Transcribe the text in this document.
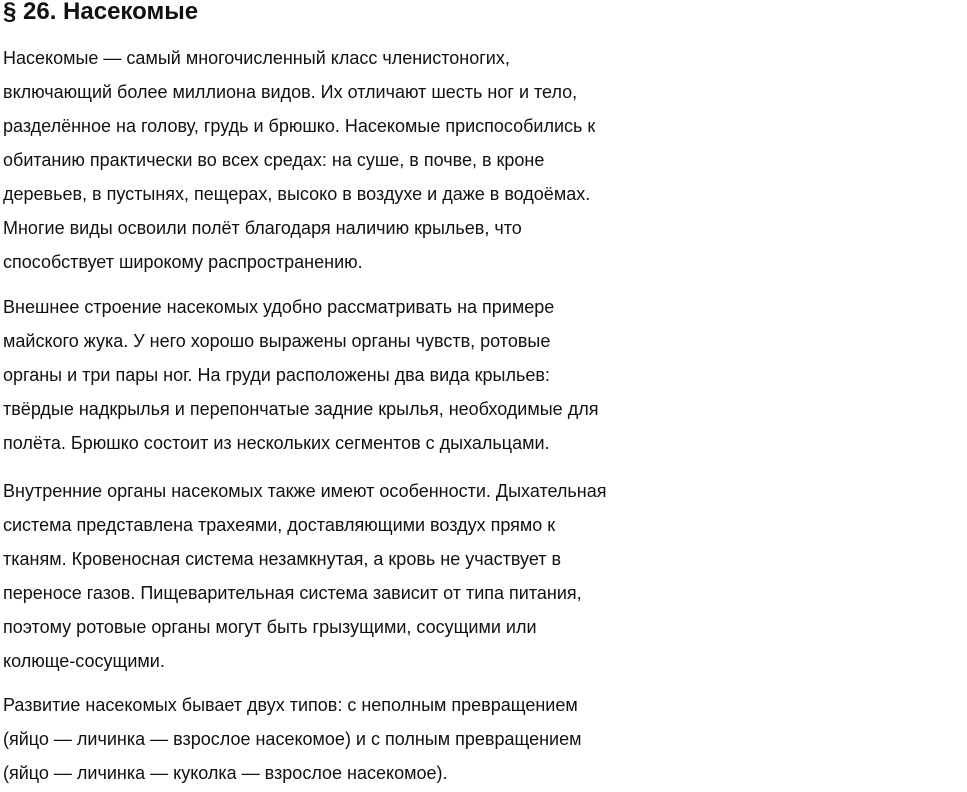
§ 26. Насекомые
Насекомые — самый многочисленный класс членистоногих,
включающий более миллиона видов. Их отличают шесть ног и тело,
разделённое на голову, грудь и брюшко. Насекомые приспособились к
обитанию практически во всех средах: на суше, в почве, в кроне
деревьев, в пустынях, пещерах, высоко в воздухе и даже в водоёмах.
Многие виды освоили полёт благодаря наличию крыльев, что
способствует широкому распространению.
Внешнее строение насекомых удобно рассматривать на примере
майского жука. У него хорошо выражены органы чувств, ротовые
органы и три пары ног. На груди расположены два вида крыльев:
твёрдые надкрылья и перепончатые задние крылья, необходимые для
полёта. Брюшко состоит из нескольких сегментов с дыхальцами.
Внутренние органы насекомых также имеют особенности. Дыхательная
система представлена трахеями, доставляющими воздух прямо к
тканям. Кровеносная система незамкнутая, а кровь не участвует в
переносе газов. Пищеварительная система зависит от типа питания,
поэтому ротовые органы могут быть грызущими, сосущими или
колюще-сосущими.
Развитие насекомых бывает двух типов: с неполным превращением
(яйцо — личинка — взрослое насекомое) и с полным превращением
(яйцо — личинка — куколка — взрослое насекомое).
